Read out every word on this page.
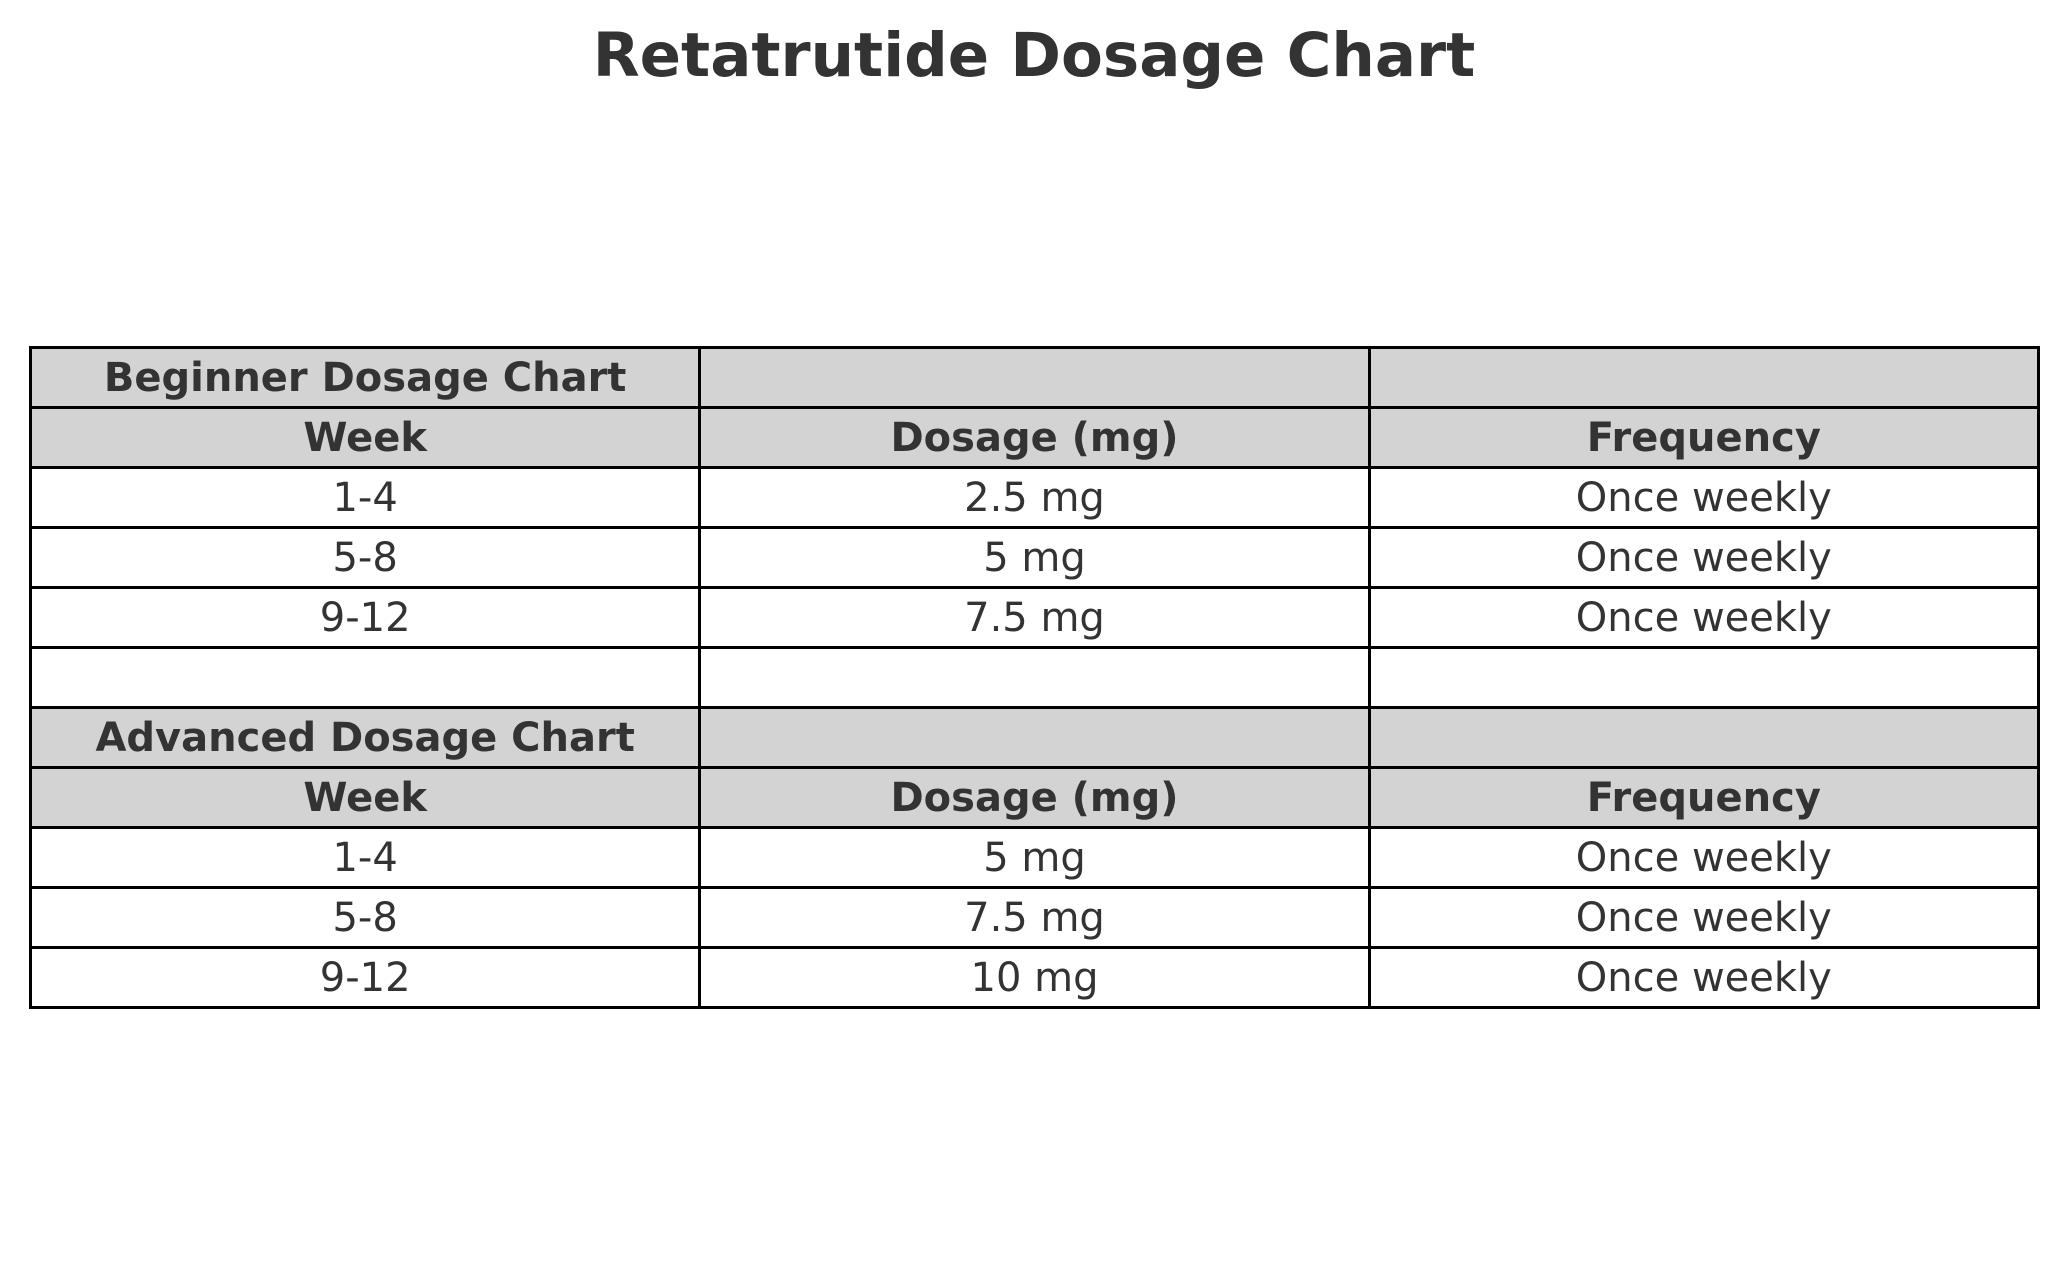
Retatrutide Dosage Chart
Beginner Dosage Chart		
Week	Dosage (mg)	Frequency
1-4	2.5 mg	Once weekly
5-8	5 mg	Once weekly
9-12	7.5 mg	Once weekly

Advanced Dosage Chart		
Week	Dosage (mg)	Frequency
1-4	5 mg	Once weekly
5-8	7.5 mg	Once weekly
9-12	10 mg	Once weekly
